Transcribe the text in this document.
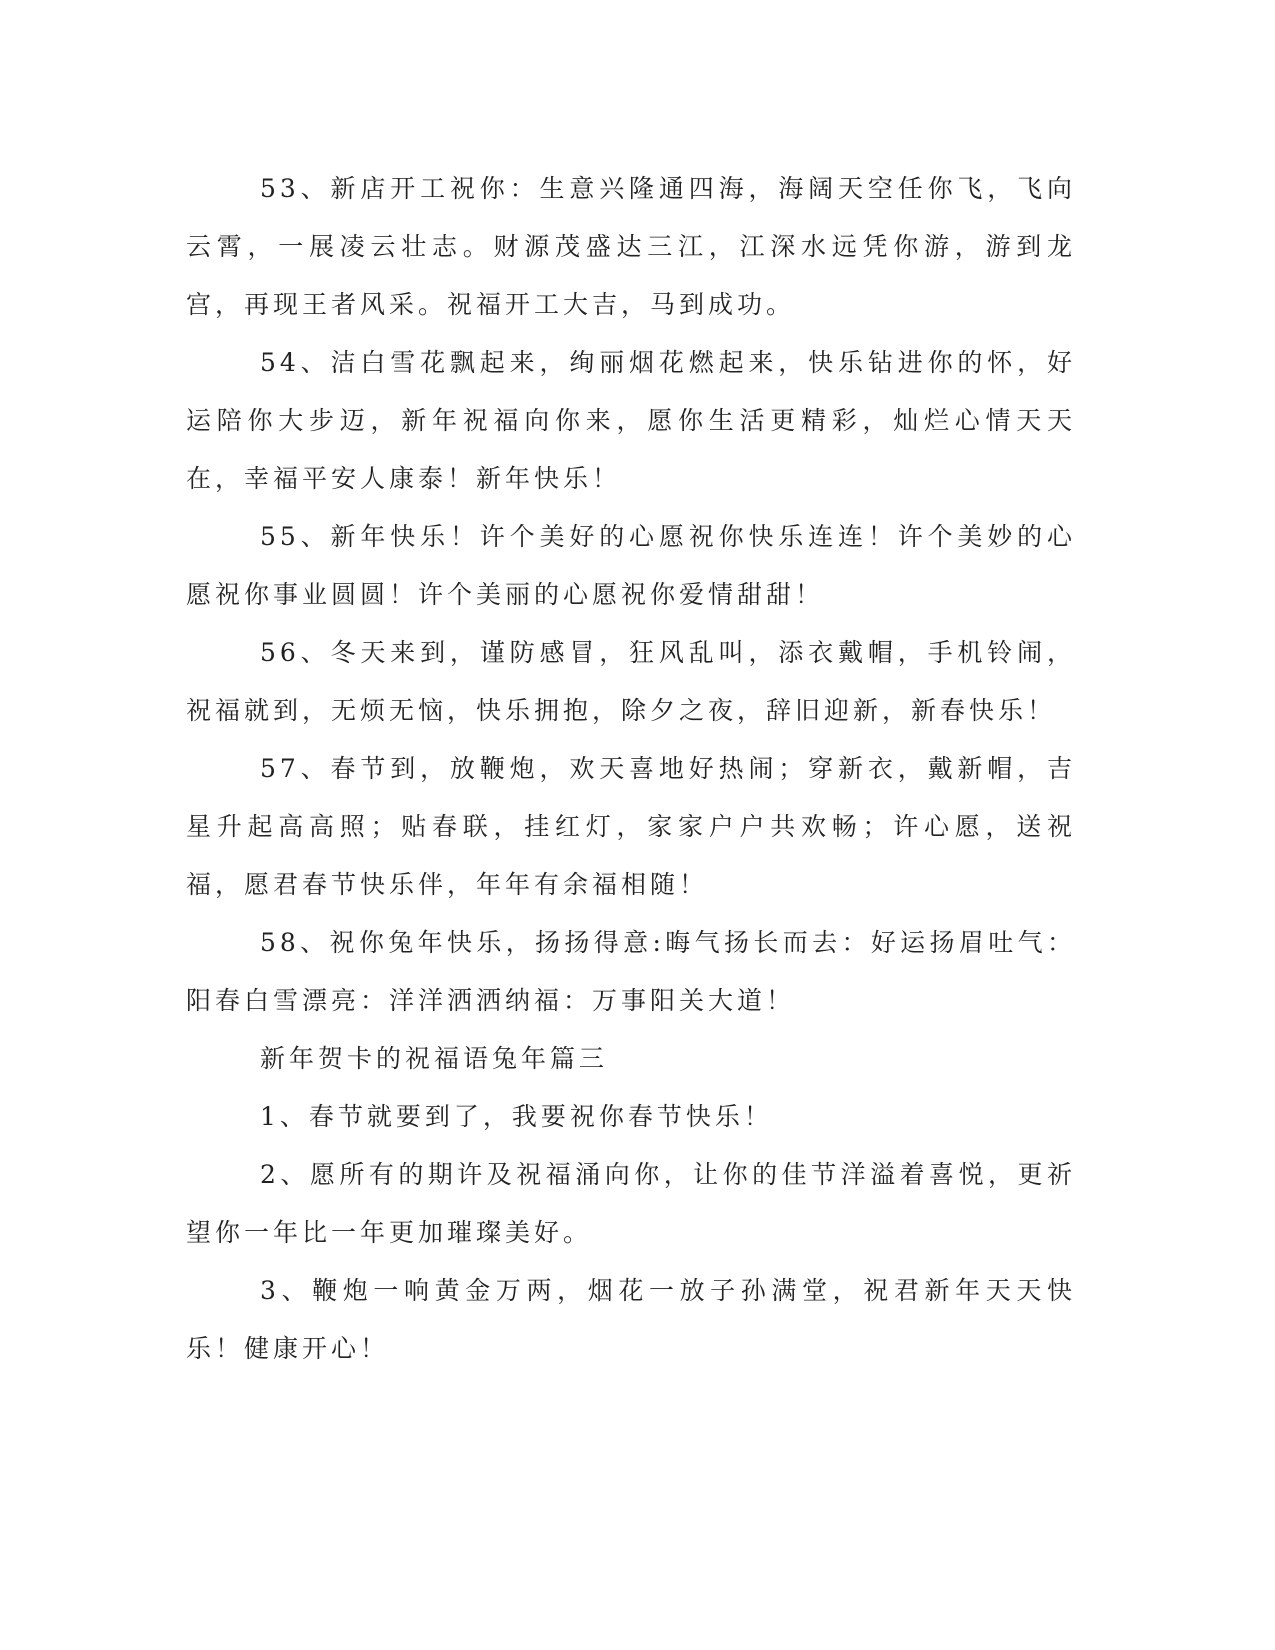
53、新店开工祝你：生意兴隆通四海，海阔天空任你飞，飞向云霄，一展凌云壮志。财源茂盛达三江，江深水远凭你游，游到龙宫，再现王者风采。祝福开工大吉，马到成功。

54、洁白雪花飘起来，绚丽烟花燃起来，快乐钻进你的怀，好运陪你大步迈，新年祝福向你来，愿你生活更精彩，灿烂心情天天在，幸福平安人康泰！新年快乐！

55、新年快乐！许个美好的心愿祝你快乐连连！许个美妙的心愿祝你事业圆圆！许个美丽的心愿祝你爱情甜甜！

56、冬天来到，谨防感冒，狂风乱叫，添衣戴帽，手机铃闹，祝福就到，无烦无恼，快乐拥抱，除夕之夜，辞旧迎新，新春快乐！

57、春节到，放鞭炮，欢天喜地好热闹；穿新衣，戴新帽，吉星升起高高照；贴春联，挂红灯，家家户户共欢畅；许心愿，送祝福，愿君春节快乐伴，年年有余福相随！

58、祝你兔年快乐，扬扬得意:晦气扬长而去：好运扬眉吐气：阳春白雪漂亮：洋洋洒洒纳福：万事阳关大道！

新年贺卡的祝福语兔年篇三

1、春节就要到了，我要祝你春节快乐！

2、愿所有的期许及祝福涌向你，让你的佳节洋溢着喜悦，更祈望你一年比一年更加璀璨美好。

3、鞭炮一响黄金万两，烟花一放子孙满堂，祝君新年天天快乐！健康开心！
